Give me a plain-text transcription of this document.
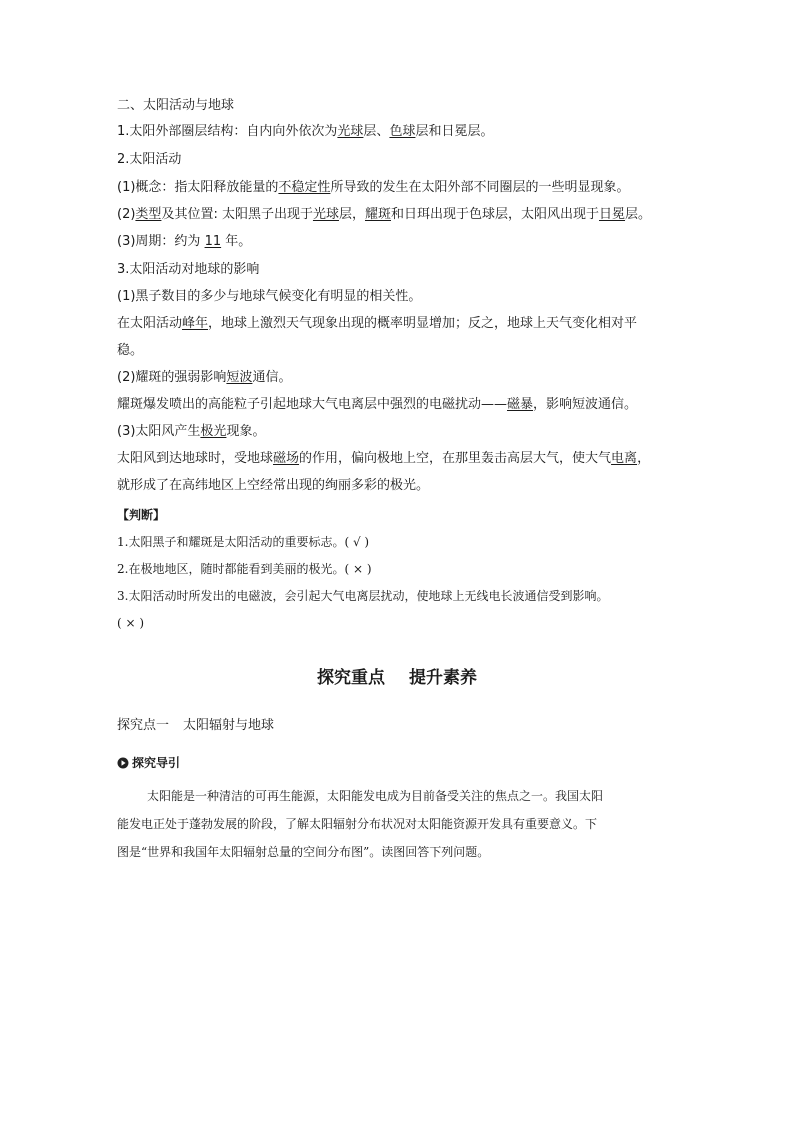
二、太阳活动与地球
1.太阳外部圈层结构：自内向外依次为光球层、色球层和日冕层。
2.太阳活动
(1)概念：指太阳释放能量的不稳定性所导致的发生在太阳外部不同圈层的一些明显现象。
(2)类型及其位置: 太阳黑子出现于光球层，耀斑和日珥出现于色球层，太阳风出现于日冕层。
(3)周期：约为 11 年。
3.太阳活动对地球的影响
(1)黑子数目的多少与地球气候变化有明显的相关性。
在太阳活动峰年，地球上激烈天气现象出现的概率明显增加；反之，地球上天气变化相对平
稳。
(2)耀斑的强弱影响短波通信。
耀斑爆发喷出的高能粒子引起地球大气电离层中强烈的电磁扰动——磁暴，影响短波通信。
(3)太阳风产生极光现象。
太阳风到达地球时，受地球磁场的作用，偏向极地上空，在那里轰击高层大气，使大气电离，
就形成了在高纬地区上空经常出现的绚丽多彩的极光。
【判断】
1.太阳黑子和耀斑是太阳活动的重要标志。( √ )
2.在极地地区，随时都能看到美丽的极光。( × )
3.太阳活动时所发出的电磁波，会引起大气电离层扰动，使地球上无线电长波通信受到影响。
( × )
探究重点 提升素养
探究点一 太阳辐射与地球
探究导引
太阳能是一种清洁的可再生能源，太阳能发电成为目前备受关注的焦点之一。我国太阳
能发电正处于蓬勃发展的阶段，了解太阳辐射分布状况对太阳能资源开发具有重要意义。下
图是“世界和我国年太阳辐射总量的空间分布图”。读图回答下列问题。
